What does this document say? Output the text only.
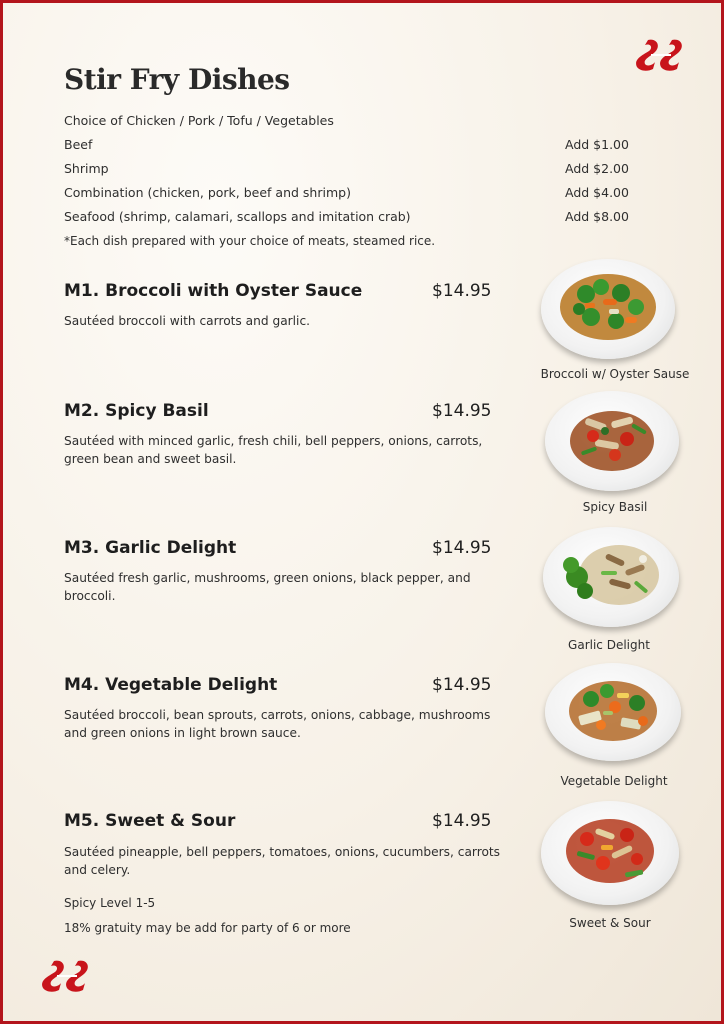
Stir Fry Dishes
Choice of Chicken / Pork / Tofu / Vegetables
Beef	Add $1.00
Shrimp	Add $2.00
Combination (chicken, pork, beef and shrimp)	Add $4.00
Seafood (shrimp, calamari, scallops and imitation crab)	Add $8.00
*Each dish prepared with your choice of meats, steamed rice.
M1. Broccoli with Oyster Sauce	$14.95
Sautéed broccoli with carrots and garlic.
Broccoli w/ Oyster Sause
M2. Spicy Basil	$14.95
Sautéed with minced garlic, fresh chili, bell peppers, onions, carrots, green bean and sweet basil.
Spicy Basil
M3. Garlic Delight	$14.95
Sautéed fresh garlic, mushrooms, green onions, black pepper, and broccoli.
Garlic Delight
M4. Vegetable Delight	$14.95
Sautéed broccoli, bean sprouts, carrots, onions, cabbage, mushrooms and green onions in light brown sauce.
Vegetable Delight
M5. Sweet & Sour	$14.95
Sautéed pineapple, bell peppers, tomatoes, onions, cucumbers, carrots and celery.
Sweet & Sour
Spicy Level 1-5
18% gratuity may be add for party of 6 or more
